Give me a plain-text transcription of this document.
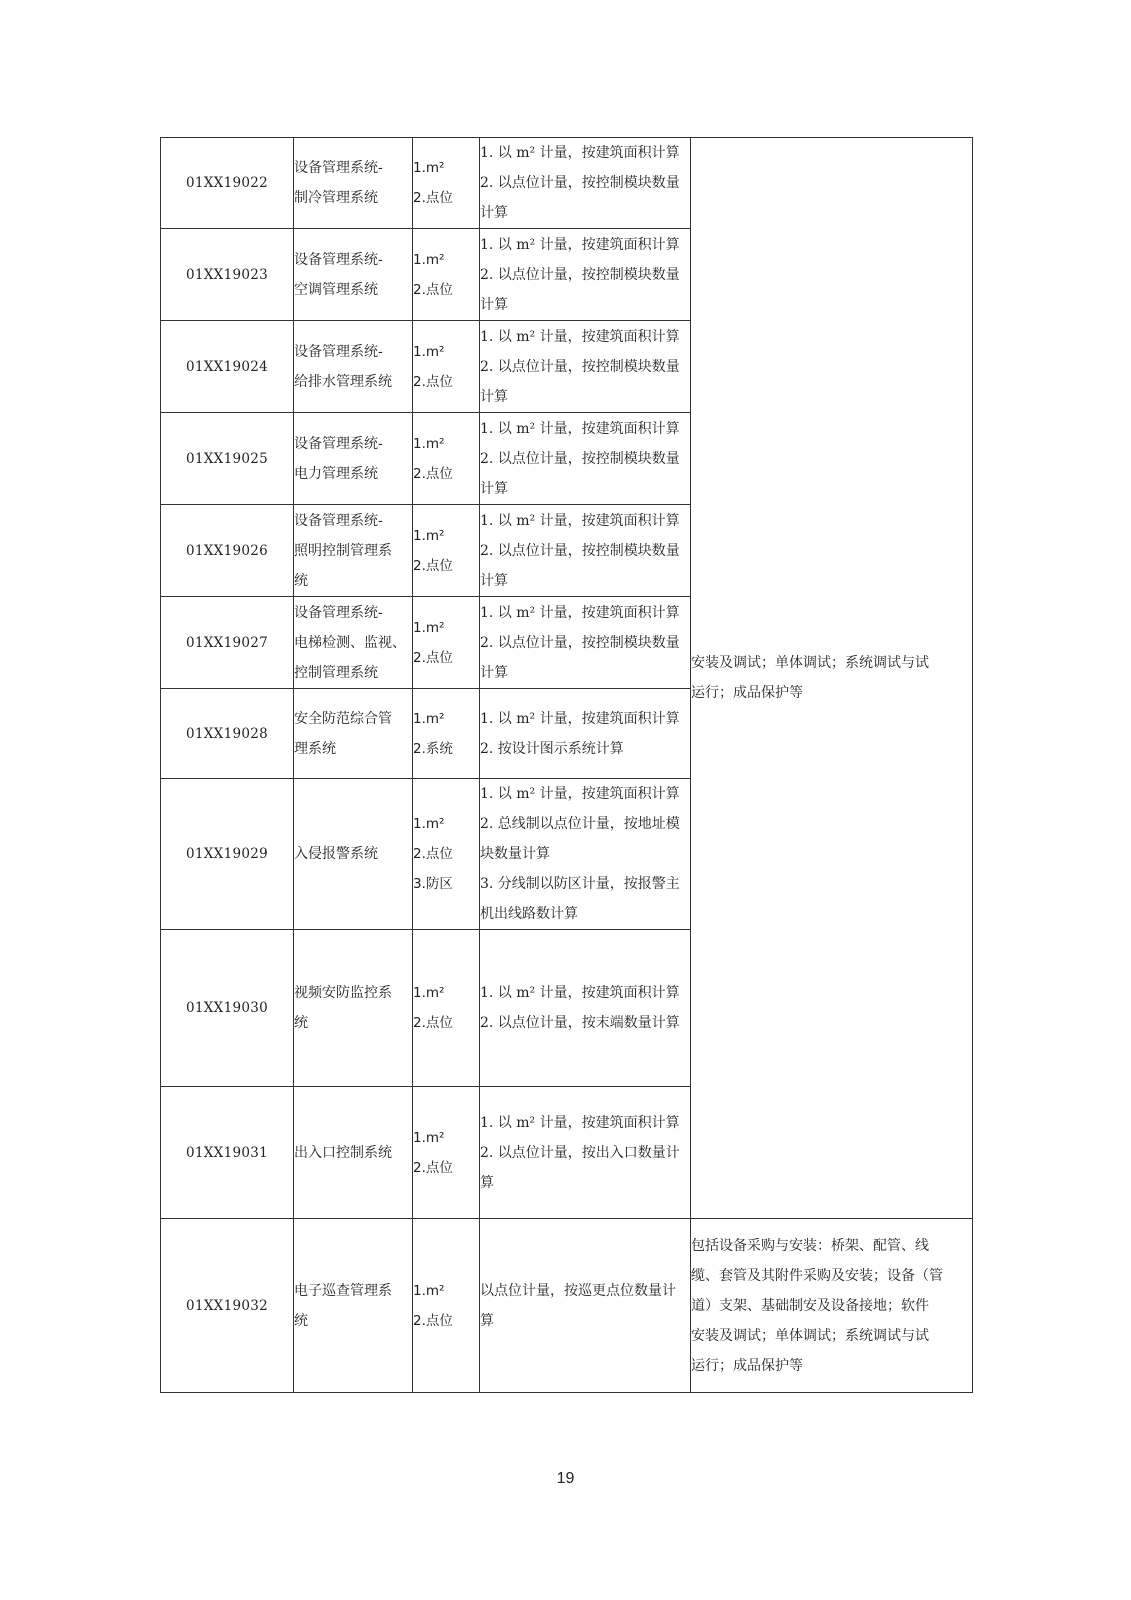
01XX19022	设备管理系统-
制冷管理系统	1.m²
2.点位	1. 以 m² 计量，按建筑面积计算
2. 以点位计量，按控制模块数量
计算	安装及调试；单体调试；系统调试与试
运行；成品保护等

01XX19023	设备管理系统-
空调管理系统	1.m²
2.点位	1. 以 m² 计量，按建筑面积计算
2. 以点位计量，按控制模块数量
计算	

01XX19024	设备管理系统-
给排水管理系统	1.m²
2.点位	1. 以 m² 计量，按建筑面积计算
2. 以点位计量，按控制模块数量
计算	

01XX19025	设备管理系统-
电力管理系统	1.m²
2.点位	1. 以 m² 计量，按建筑面积计算
2. 以点位计量，按控制模块数量
计算	

01XX19026	设备管理系统-
照明控制管理系
统	1.m²
2.点位	1. 以 m² 计量，按建筑面积计算
2. 以点位计量，按控制模块数量
计算	

01XX19027	设备管理系统-
电梯检测、监视、
控制管理系统	1.m²
2.点位	1. 以 m² 计量，按建筑面积计算
2. 以点位计量，按控制模块数量
计算	

01XX19028	安全防范综合管
理系统	1.m²
2.系统	1. 以 m² 计量，按建筑面积计算
2. 按设计图示系统计算	

01XX19029	入侵报警系统	1.m²
2.点位
3.防区	1. 以 m² 计量，按建筑面积计算
2. 总线制以点位计量，按地址模
块数量计算
3. 分线制以防区计量，按报警主
机出线路数计算	

01XX19030	视频安防监控系
统	1.m²
2.点位	1. 以 m² 计量，按建筑面积计算
2. 以点位计量，按末端数量计算	

01XX19031	出入口控制系统	1.m²
2.点位	1. 以 m² 计量，按建筑面积计算
2. 以点位计量，按出入口数量计
算	

01XX19032	电子巡查管理系
统	1.m²
2.点位	以点位计量，按巡更点位数量计
算	包括设备采购与安装：桥架、配管、线
缆、套管及其附件采购及安装；设备（管
道）支架、基础制安及设备接地；软件
安装及调试；单体调试；系统调试与试
运行；成品保护等
19
